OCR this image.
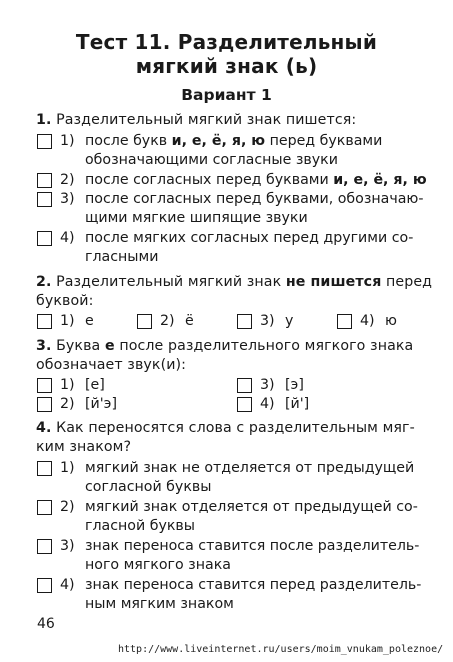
Тест 11. Разделительный
мягкий знак (ь)
Вариант 1
1. Разделительный мягкий знак пишется:
1) после букв и, е, ё, я, ю перед буквами
обозначающими согласные звуки
2) после согласных перед буквами и, е, ё, я, ю
3) после согласных перед буквами, обозначаю-
щими мягкие шипящие звуки
4) после мягких согласных перед другими со-
гласными
2. Разделительный мягкий знак не пишется перед
буквой:
1) е	2) ё	3) у	4) ю
3. Буква е после разделительного мягкого знака
обозначает звук(и):
1) [е]	3) [э]
2) [й'э]	4) [й']
4. Как переносятся слова с разделительным мяг-
ким знаком?
1) мягкий знак не отделяется от предыдущей
согласной буквы
2) мягкий знак отделяется от предыдущей со-
гласной буквы
3) знак переноса ставится после разделитель-
ного мягкого знака
4) знак переноса ставится перед разделитель-
ным мягким знаком
46
http://www.liveinternet.ru/users/moim_vnukam_poleznoe/
